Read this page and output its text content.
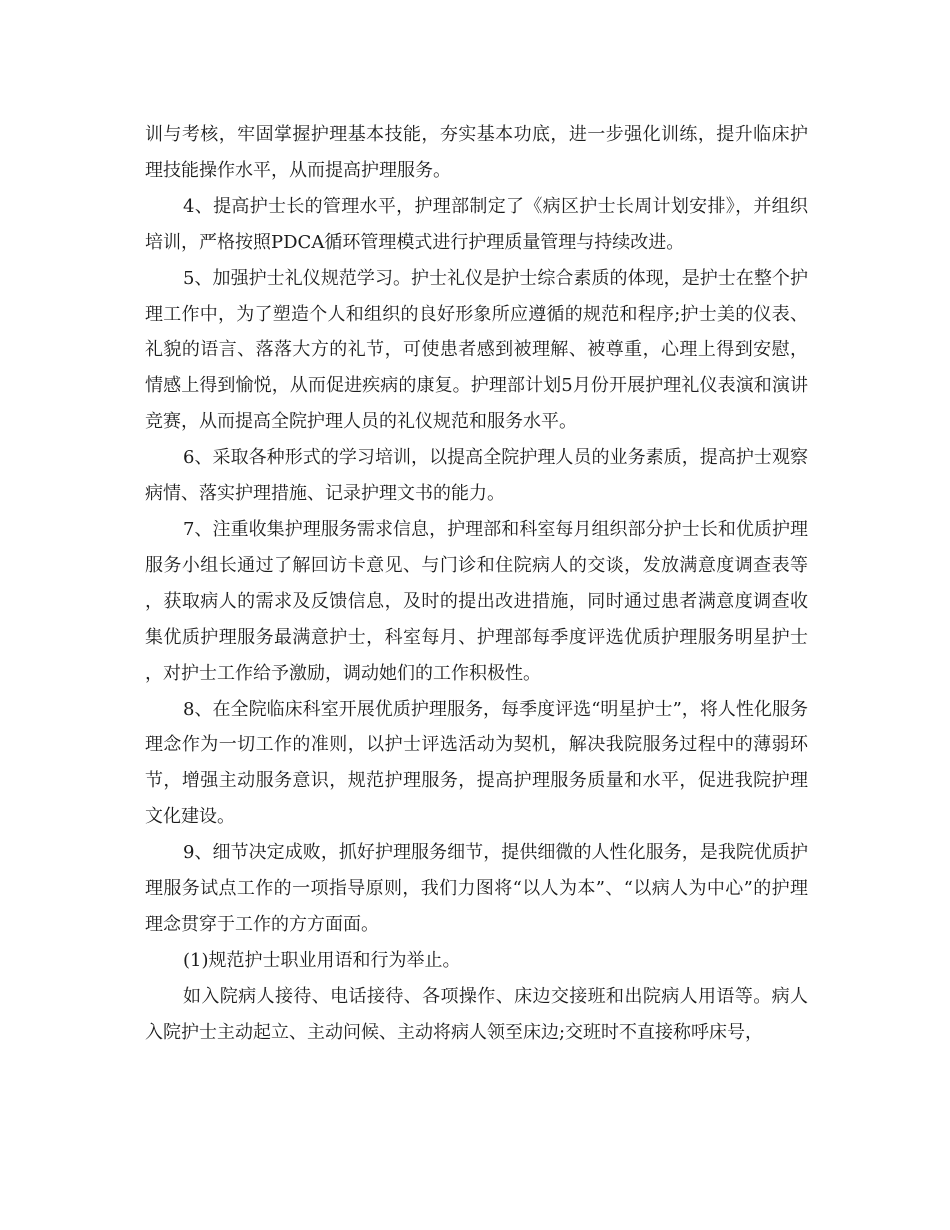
训与考核，牢固掌握护理基本技能，夯实基本功底，进一步强化训练，提升临床护理技能操作水平，从而提高护理服务。

4、提高护士长的管理水平，护理部制定了《病区护士长周计划安排》，并组织培训，严格按照PDCA循环管理模式进行护理质量管理与持续改进。

5、加强护士礼仪规范学习。护士礼仪是护士综合素质的体现，是护士在整个护理工作中，为了塑造个人和组织的良好形象所应遵循的规范和程序;护士美的仪表、礼貌的语言、落落大方的礼节，可使患者感到被理解、被尊重，心理上得到安慰，情感上得到愉悦，从而促进疾病的康复。护理部计划5月份开展护理礼仪表演和演讲竞赛，从而提高全院护理人员的礼仪规范和服务水平。

6、采取各种形式的学习培训，以提高全院护理人员的业务素质，提高护士观察病情、落实护理措施、记录护理文书的能力。

7、注重收集护理服务需求信息，护理部和科室每月组织部分护士长和优质护理服务小组长通过了解回访卡意见、与门诊和住院病人的交谈，发放满意度调查表等，获取病人的需求及反馈信息，及时的提出改进措施，同时通过患者满意度调查收集优质护理服务最满意护士，科室每月、护理部每季度评选优质护理服务明星护士，对护士工作给予激励，调动她们的工作积极性。

8、在全院临床科室开展优质护理服务，每季度评选“明星护士”，将人性化服务理念作为一切工作的准则，以护士评选活动为契机，解决我院服务过程中的薄弱环节，增强主动服务意识，规范护理服务，提高护理服务质量和水平，促进我院护理文化建设。

9、细节决定成败，抓好护理服务细节，提供细微的人性化服务，是我院优质护理服务试点工作的一项指导原则，我们力图将“以人为本”、“以病人为中心”的护理理念贯穿于工作的方方面面。

(1)规范护士职业用语和行为举止。

如入院病人接待、电话接待、各项操作、床边交接班和出院病人用语等。病人入院护士主动起立、主动问候、主动将病人领至床边;交班时不直接称呼床号，
